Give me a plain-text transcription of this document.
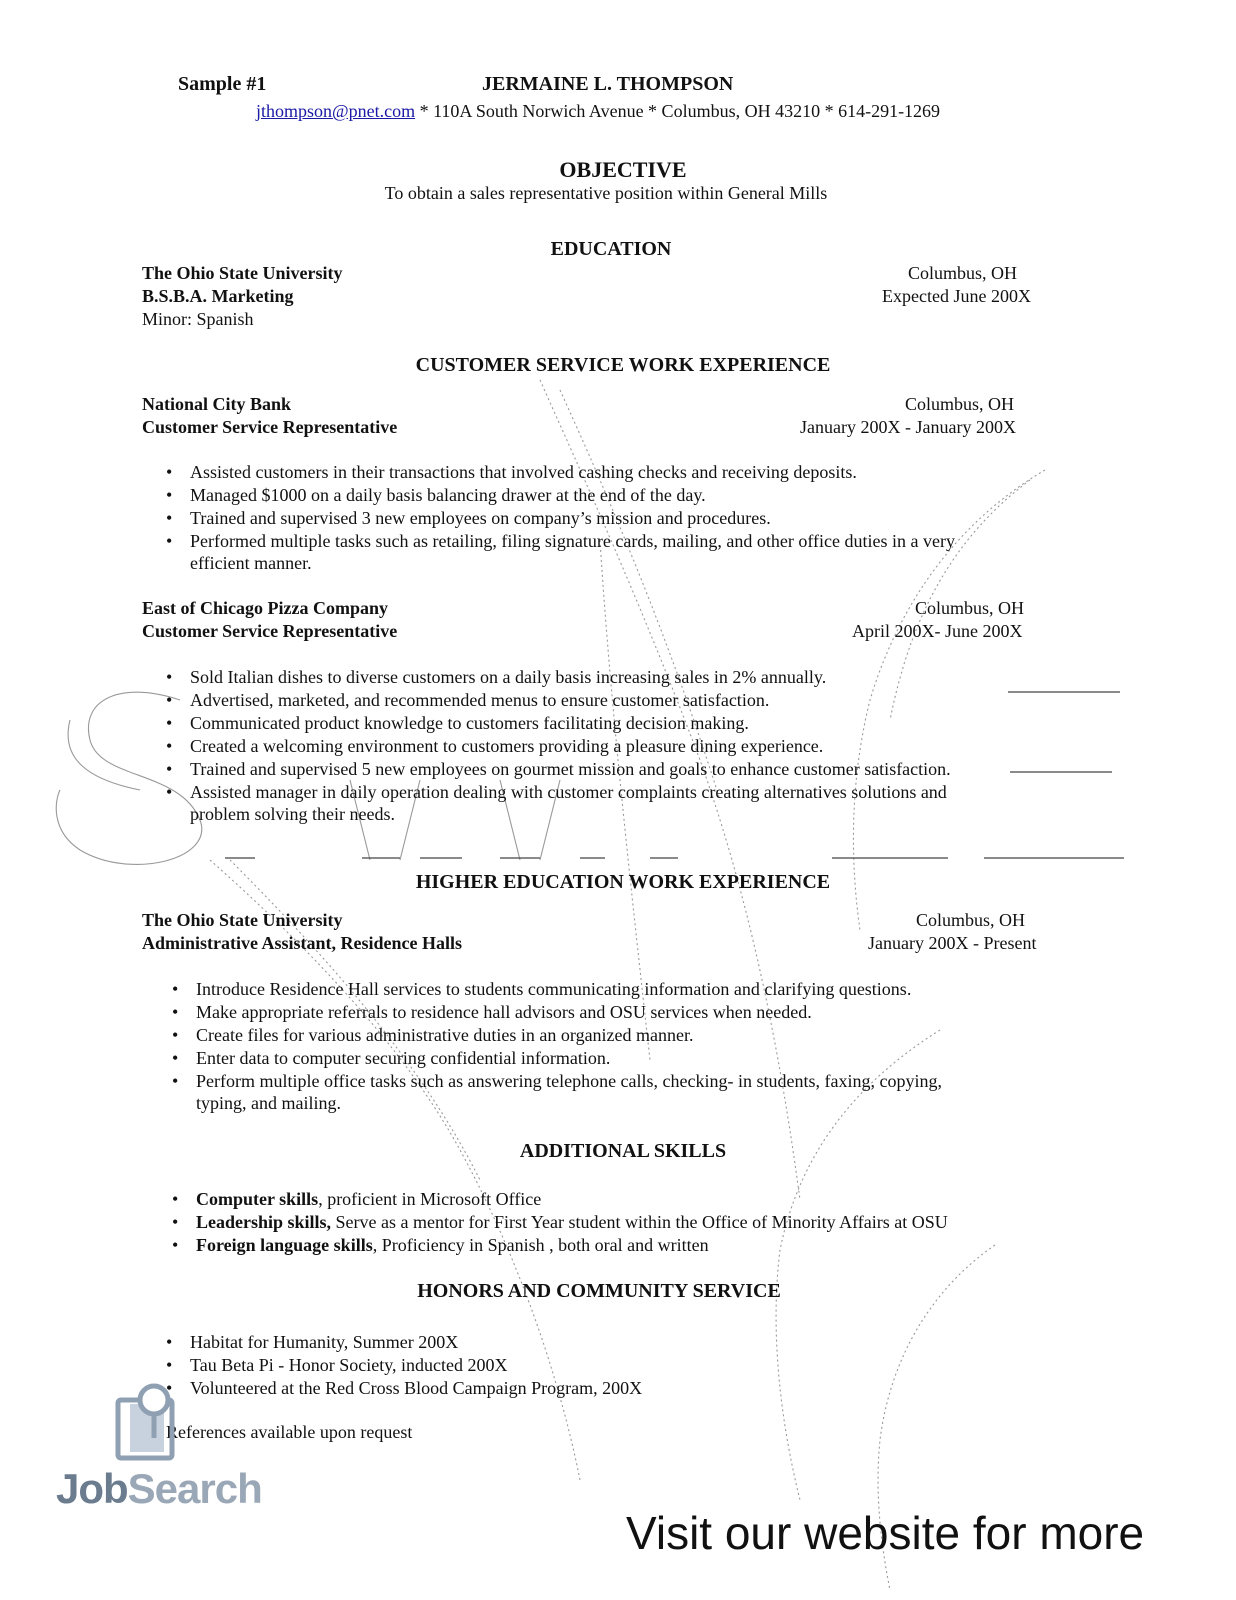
Sample #1	JERMAINE L. THOMPSON
jthompson@pnet.com * 110A South Norwich Avenue * Columbus, OH 43210 * 614-291-1269
OBJECTIVE
To obtain a sales representative position within General Mills
EDUCATION
The Ohio State University	Columbus, OH
B.S.B.A. Marketing	Expected June 200X
Minor: Spanish
CUSTOMER SERVICE WORK EXPERIENCE
National City Bank	Columbus, OH
Customer Service Representative	January 200X - January 200X
• Assisted customers in their transactions that involved cashing checks and receiving deposits.
• Managed $1000 on a daily basis balancing drawer at the end of the day.
• Trained and supervised 3 new employees on company’s mission and procedures.
• Performed multiple tasks such as retailing, filing signature cards, mailing, and other office duties in a very
efficient manner.
East of Chicago Pizza Company	Columbus, OH
Customer Service Representative	April 200X- June 200X
• Sold Italian dishes to diverse customers on a daily basis increasing sales in 2% annually.
• Advertised, marketed, and recommended menus to ensure customer satisfaction.
• Communicated product knowledge to customers facilitating decision making.
• Created a welcoming environment to customers providing a pleasure dining experience.
• Trained and supervised 5 new employees on gourmet mission and goals to enhance customer satisfaction.
• Assisted manager in daily operation dealing with customer complaints creating alternatives solutions and
problem solving their needs.
HIGHER EDUCATION WORK EXPERIENCE
The Ohio State University	Columbus, OH
Administrative Assistant, Residence Halls	January 200X - Present
• Introduce Residence Hall services to students communicating information and clarifying questions.
• Make appropriate referrals to residence hall advisors and OSU services when needed.
• Create files for various administrative duties in an organized manner.
• Enter data to computer securing confidential information.
• Perform multiple office tasks such as answering telephone calls, checking- in students, faxing, copying,
typing, and mailing.
ADDITIONAL SKILLS
• Computer skills, proficient in Microsoft Office
• Leadership skills, Serve as a mentor for First Year student within the Office of Minority Affairs at OSU
• Foreign language skills, Proficiency in Spanish , both oral and written
HONORS AND COMMUNITY SERVICE
• Habitat for Humanity, Summer 200X
• Tau Beta Pi - Honor Society, inducted 200X
• Volunteered at the Red Cross Blood Campaign Program, 200X
References available upon request
JobSearch
Visit our website for more
